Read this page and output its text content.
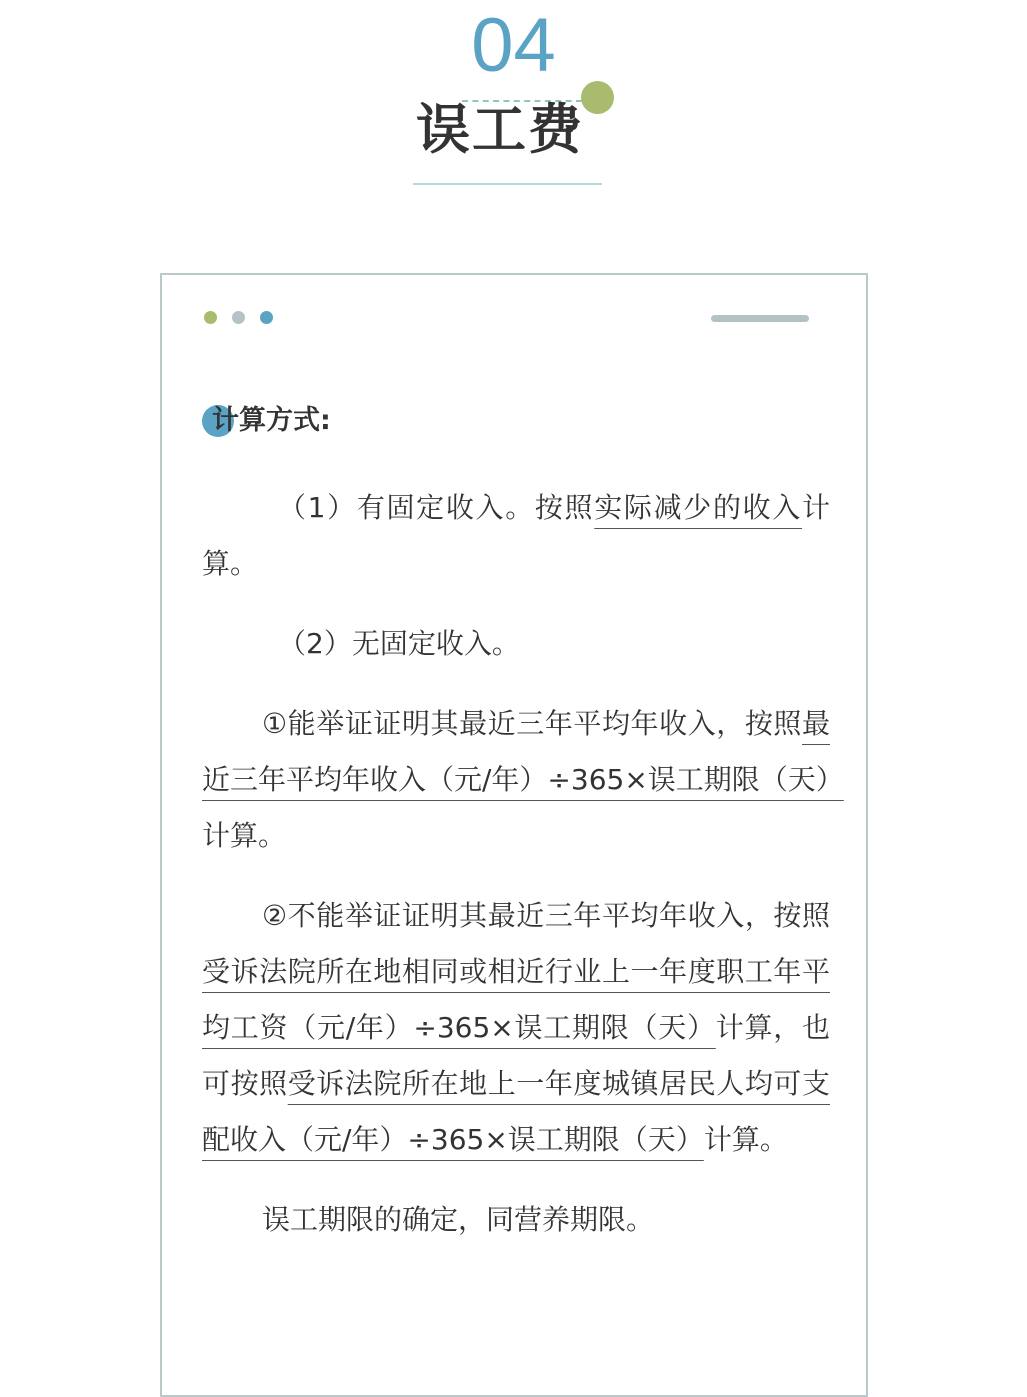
04
误工费
计算方式:

（1）有固定收入。按照实际减少的收入计算。

（2）无固定收入。

①能举证证明其最近三年平均年收入，按照最近三年平均年收入（元/年）÷365×误工期限（天）计算。

②不能举证证明其最近三年平均年收入，按照受诉法院所在地相同或相近行业上一年度职工年平均工资（元/年）÷365×误工期限（天）计算，也可按照受诉法院所在地上一年度城镇居民人均可支配收入（元/年）÷365×误工期限（天）计算。

误工期限的确定，同营养期限。
